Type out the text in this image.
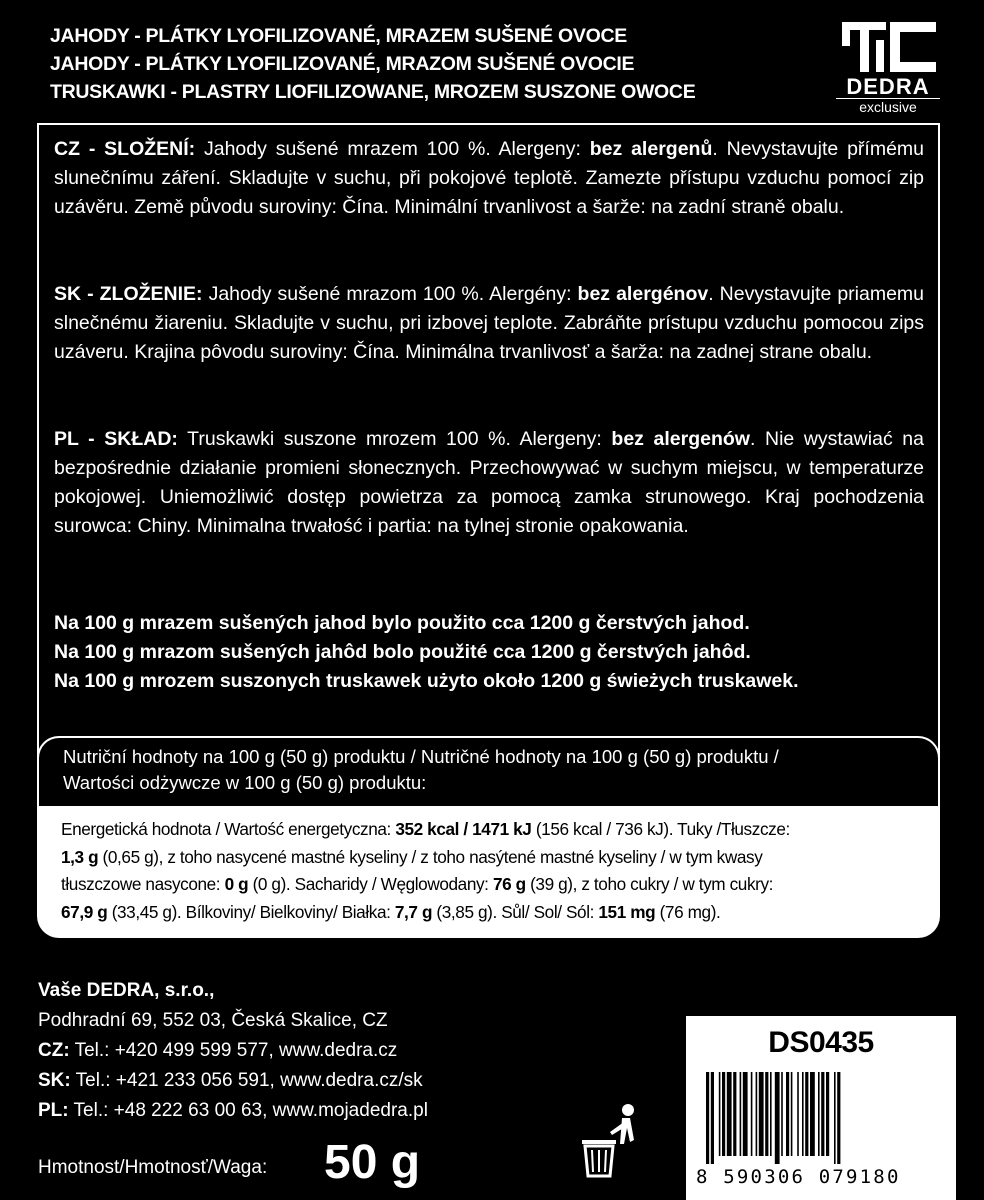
JAHODY - PLÁTKY LYOFILIZOVANÉ, MRAZEM SUŠENÉ OVOCE
JAHODY - PLÁTKY LYOFILIZOVANÉ, MRAZOM SUŠENÉ OVOCIE
TRUSKAWKI - PLASTRY LIOFILIZOWANE, MROZEM SUSZONE OWOCE	DEDRA
exclusive

CZ - SLOŽENÍ: Jahody sušené mrazem 100 %. Alergeny: bez alergenů. Nevystavujte přímému slunečnímu záření. Skladujte v suchu, při pokojové teplotě. Zamezte přístupu vzduchu pomocí zip uzávěru. Země původu suroviny: Čína. Minimální trvanlivost a šarže: na zadní straně obalu.

SK - ZLOŽENIE: Jahody sušené mrazom 100 %. Alergény: bez alergénov. Nevystavujte priamemu slnečnému žiareniu. Skladujte v suchu, pri izbovej teplote. Zabráňte prístupu vzduchu pomocou zips uzáveru. Krajina pôvodu suroviny: Čína. Minimálna trvanlivosť a šarža: na zadnej strane obalu.

PL - SKŁAD: Truskawki suszone mrozem 100 %. Alergeny: bez alergenów. Nie wystawiać na bezpośrednie działanie promieni słonecznych. Przechowywać w suchym miejscu, w temperaturze pokojowej. Uniemożliwić dostęp powietrza za pomocą zamka strunowego. Kraj pochodzenia surowca: Chiny. Minimalna trwałość i partia: na tylnej stronie opakowania.

Na 100 g mrazem sušených jahod bylo použito cca 1200 g čerstvých jahod.
Na 100 g mrazom sušených jahôd bolo použité cca 1200 g čerstvých jahôd.
Na 100 g mrozem suszonych truskawek użyto około 1200 g świeżych truskawek.
Nutriční hodnoty na 100 g (50 g) produktu / Nutričné hodnoty na 100 g (50 g) produktu /
Wartości odżywcze w 100 g (50 g) produktu:

Energetická hodnota / Wartość energetyczna: 352 kcal / 1471 kJ (156 kcal / 736 kJ). Tuky /Tłuszcze:

1,3 g (0,65 g), z toho nasycené mastné kyseliny / z toho nasýtené mastné kyseliny / w tym kwasy

tłuszczowe nasycone: 0 g (0 g). Sacharidy / Węglowodany: 76 g (39 g), z toho cukry / w tym cukry:

67,9 g (33,45 g). Bílkoviny/ Bielkoviny/ Białka: 7,7 g (3,85 g). Sůl/ Sol/ Sól: 151 mg (76 mg).

Vaše DEDRA, s.r.o.,
Podhradní 69, 552 03, Česká Skalice, CZ
CZ: Tel.: +420 499 599 577, www.dedra.cz
SK: Tel.: +421 233 056 591, www.dedra.cz/sk
PL: Tel.: +48 222 63 00 63, www.mojadedra.pl
Hmotnost/Hmotnosť/Waga: 50 g
DS0435
8 590306 079180
